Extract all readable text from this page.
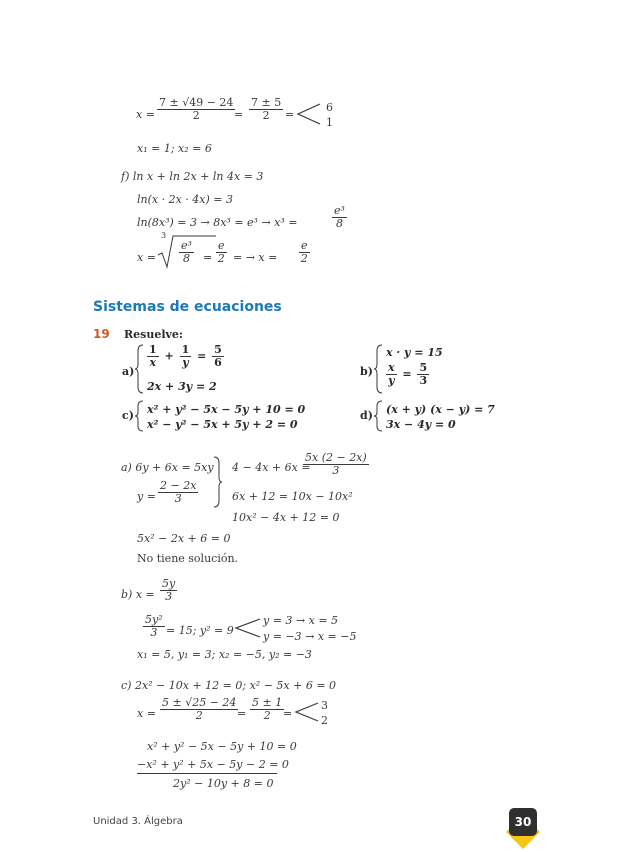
$x = \frac{7 \pm √49 - 24}{2}$
= $\frac{7 \pm 5}{2}$ =
6
1
x₁ = 1; x₂ = 6
f) ln x + ln 2x + ln 4x = 3
ln(x · 2x · 4x) = 3
ln(8x³) = 3 → 8x³ = e³ → x³ =	$\frac{\text{e³}}{8}$
x =
3
$\frac{\text{e³}}{8} = \frac{e}{2}$ = → $x = \frac{e}{2}$
Sistemas de ecuaciones
19 Resuelve:
a)
$\frac{1}{x} + \frac{1}{y} = \frac{5}{6}$
2x + 3y = 2
b)
x · y = 15
$\frac{x}{y} = \frac{5}{3}$
c) x² + y² − 5x − 5y + 10 = 0
x² − y² − 5x + 5y + 2 = 0
d) (x + y) (x − y) = 7
3x − 4y = 0
a) 6y + 6x = 5xy 4 − 4x + 6x =
$\frac{5x (2 - 2x)}{3}$
$y = \frac{2 - 2x}{3}$	6x + 12 = 10x − 10x²
10x² − 4x + 12 = 0
5x² − 2x + 6 = 0
No tiene solución.
b) $x = \frac{5y}{3}$
$\frac{\text{5y²}}{3} = 15$; y² = 9
y = 3 → x = 5
y = −3 → x = −5
x₁ = 5, y₁ = 3; x₂ = −5, y₂ = −3
c) 2x² − 10x + 12 = 0; x² − 5x + 6 = 0
$x = \frac{5 \pm √25 - 24}{2}$
= $\frac{5 \pm 1}{2}$
=
3
2
x² + y² − 5x − 5y + 10 = 0
−x² + y² + 5x − 5y − 2 = 0
2y² − 10y + 8 = 0
Unidad 3. Álgebra	30
